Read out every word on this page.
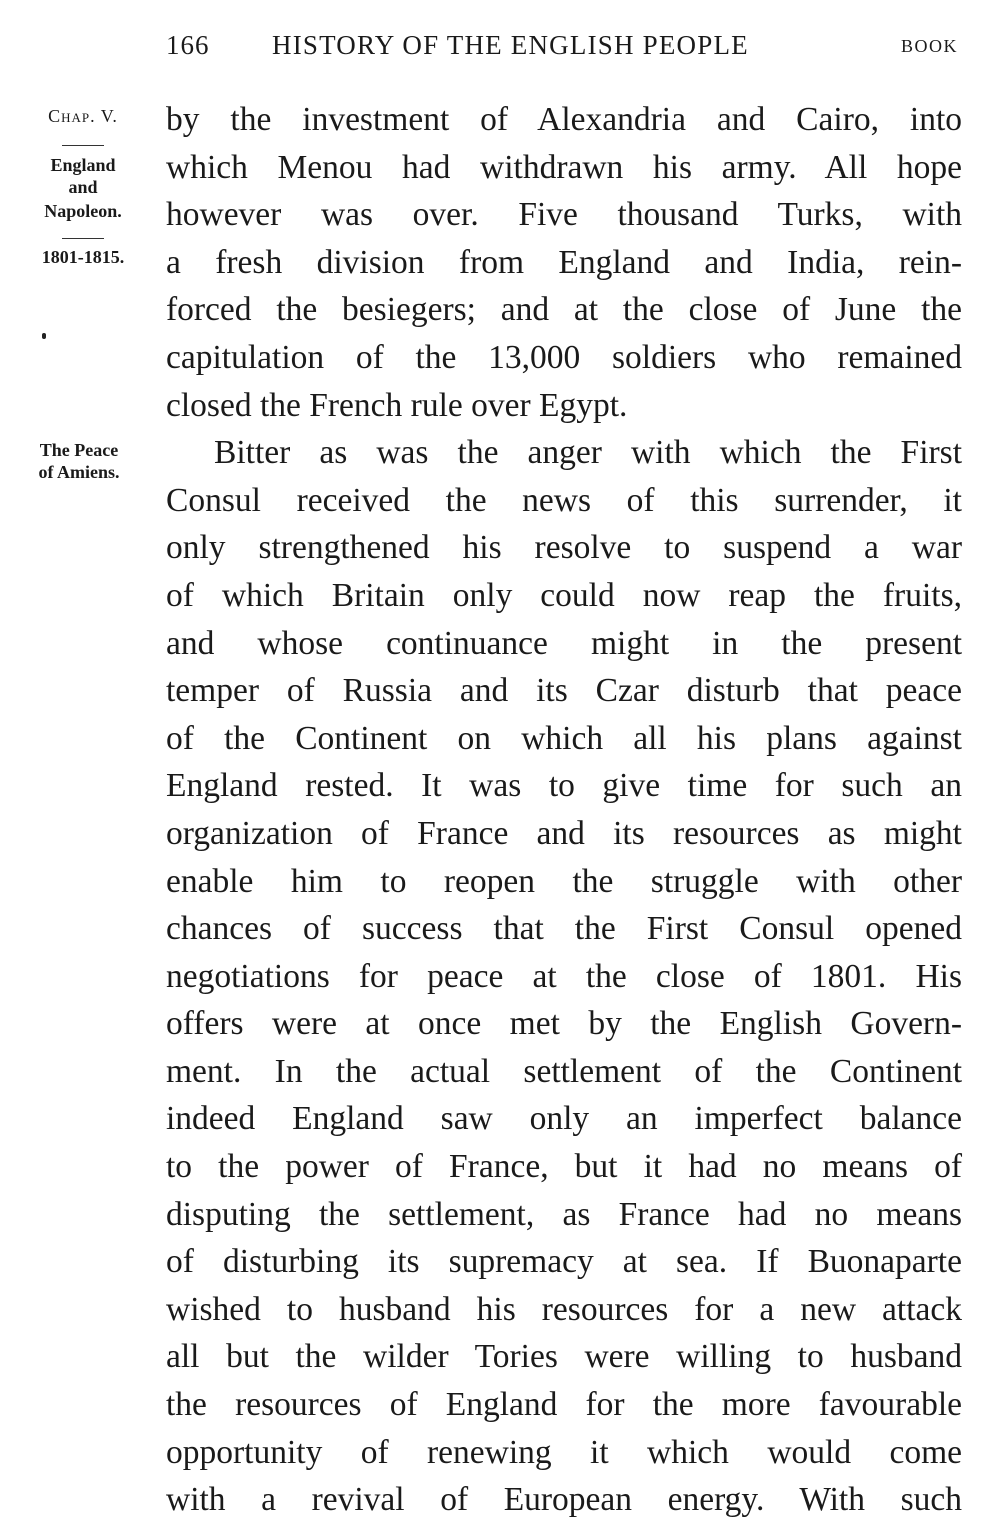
166 HISTORY OF THE ENGLISH PEOPLE	BOOK
Chap. V.
England
and
Napoleon.
1801-1815.
The Peace
of Amiens.
by the investment of Alexandria and Cairo, into
which Menou had withdrawn his army. All hope
however was over. Five thousand Turks, with
a fresh division from England and India, rein-
forced the besiegers; and at the close of June the
capitulation of the 13,000 soldiers who remained
closed the French rule over Egypt.
Bitter as was the anger with which the First
Consul received the news of this surrender, it
only strengthened his resolve to suspend a war
of which Britain only could now reap the fruits,
and whose continuance might in the present
temper of Russia and its Czar disturb that peace
of the Continent on which all his plans against
England rested. It was to give time for such an
organization of France and its resources as might
enable him to reopen the struggle with other
chances of success that the First Consul opened
negotiations for peace at the close of 1801. His
offers were at once met by the English Govern-
ment. In the actual settlement of the Continent
indeed England saw only an imperfect balance
to the power of France, but it had no means of
disputing the settlement, as France had no means
of disturbing its supremacy at sea. If Buonaparte
wished to husband his resources for a new attack
all but the wilder Tories were willing to husband
the resources of England for the more favourable
opportunity of renewing it which would come
with a revival of European energy. With such
